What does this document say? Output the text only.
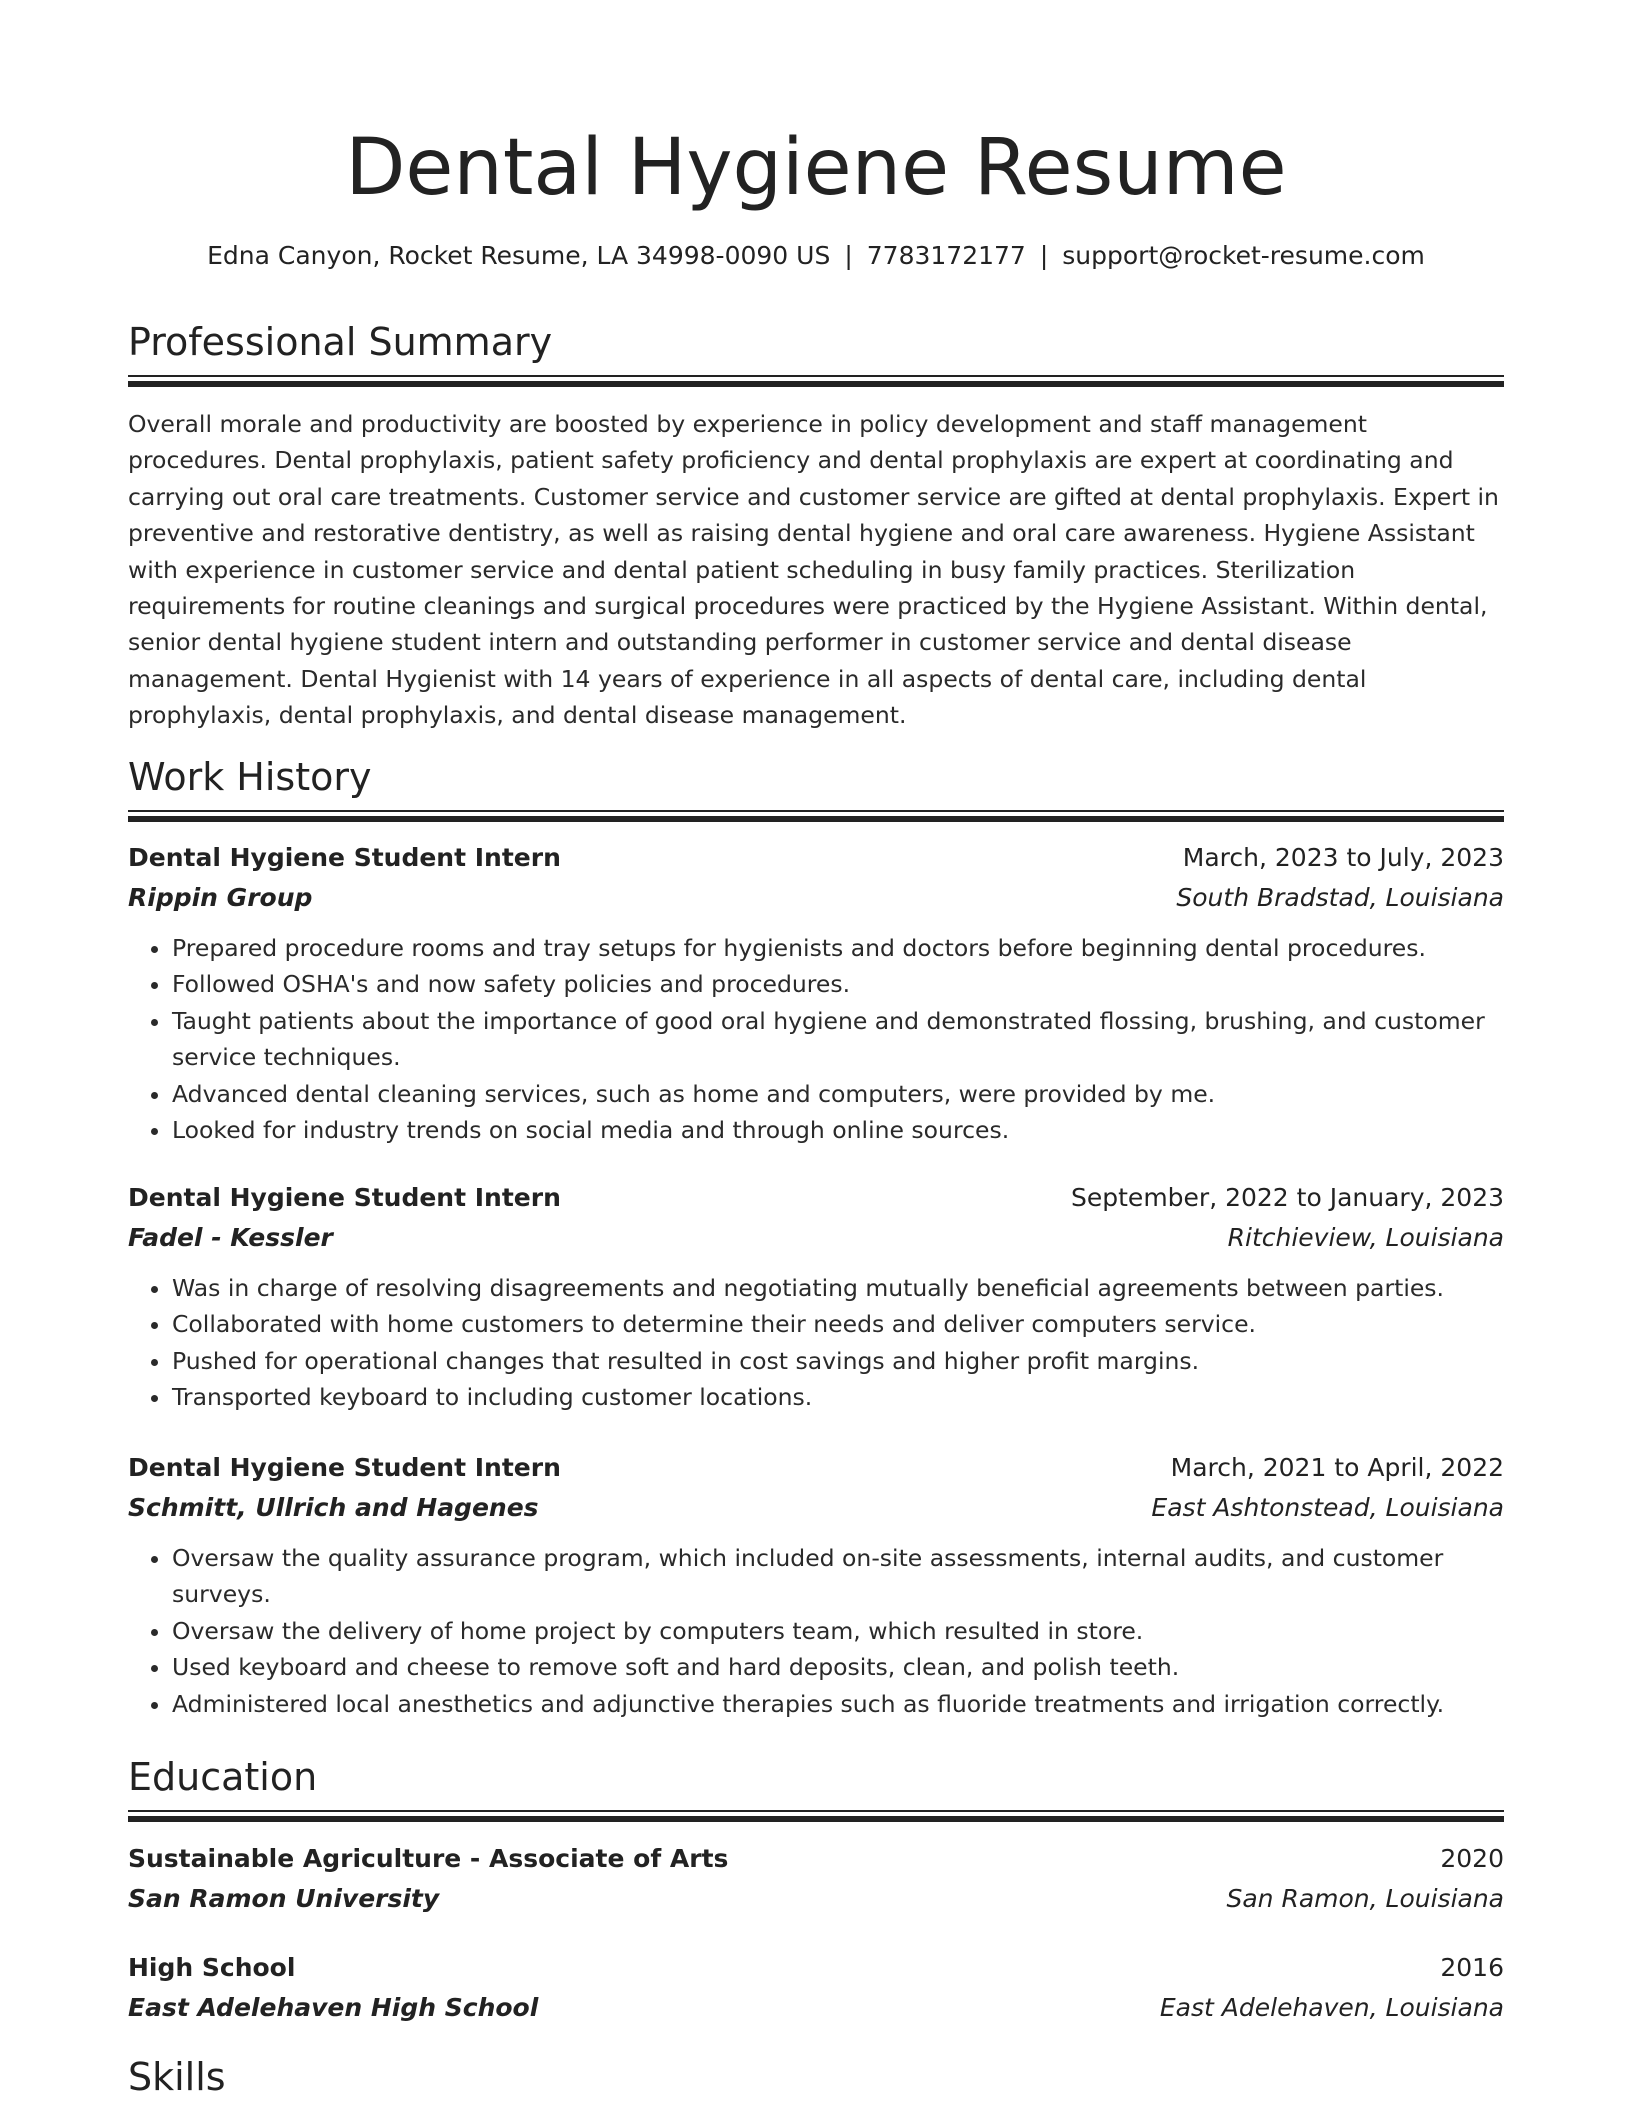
Dental Hygiene Resume
Edna Canyon, Rocket Resume, LA 34998-0090 US | 7783172177 | support@rocket-resume.com
Professional Summary

Overall morale and productivity are boosted by experience in policy development and staff management procedures. Dental prophylaxis, patient safety proficiency and dental prophylaxis are expert at coordinating and carrying out oral care treatments. Customer service and customer service are gifted at dental prophylaxis. Expert in preventive and restorative dentistry, as well as raising dental hygiene and oral care awareness. Hygiene Assistant with experience in customer service and dental patient scheduling in busy family practices. Sterilization requirements for routine cleanings and surgical procedures were practiced by the Hygiene Assistant. Within dental, senior dental hygiene student intern and outstanding performer in customer service and dental disease management. Dental Hygienist with 14 years of experience in all aspects of dental care, including dental prophylaxis, dental prophylaxis, and dental disease management.

Work History
Dental Hygiene Student Intern	March, 2023 to July, 2023
Rippin Group	South Bradstad, Louisiana
• Prepared procedure rooms and tray setups for hygienists and doctors before beginning dental procedures.
• Followed OSHA's and now safety policies and procedures.
• Taught patients about the importance of good oral hygiene and demonstrated flossing, brushing, and customer service techniques.
• Advanced dental cleaning services, such as home and computers, were provided by me.
• Looked for industry trends on social media and through online sources.
Dental Hygiene Student Intern	September, 2022 to January, 2023
Fadel - Kessler	Ritchieview, Louisiana
• Was in charge of resolving disagreements and negotiating mutually beneficial agreements between parties.
• Collaborated with home customers to determine their needs and deliver computers service.
• Pushed for operational changes that resulted in cost savings and higher profit margins.
• Transported keyboard to including customer locations.
Dental Hygiene Student Intern	March, 2021 to April, 2022
Schmitt, Ullrich and Hagenes	East Ashtonstead, Louisiana
• Oversaw the quality assurance program, which included on-site assessments, internal audits, and customer surveys.
• Oversaw the delivery of home project by computers team, which resulted in store.
• Used keyboard and cheese to remove soft and hard deposits, clean, and polish teeth.
• Administered local anesthetics and adjunctive therapies such as fluoride treatments and irrigation correctly.
Education
Sustainable Agriculture - Associate of Arts	2020
San Ramon University	San Ramon, Louisiana
High School	2016
East Adelehaven High School	East Adelehaven, Louisiana
Skills
